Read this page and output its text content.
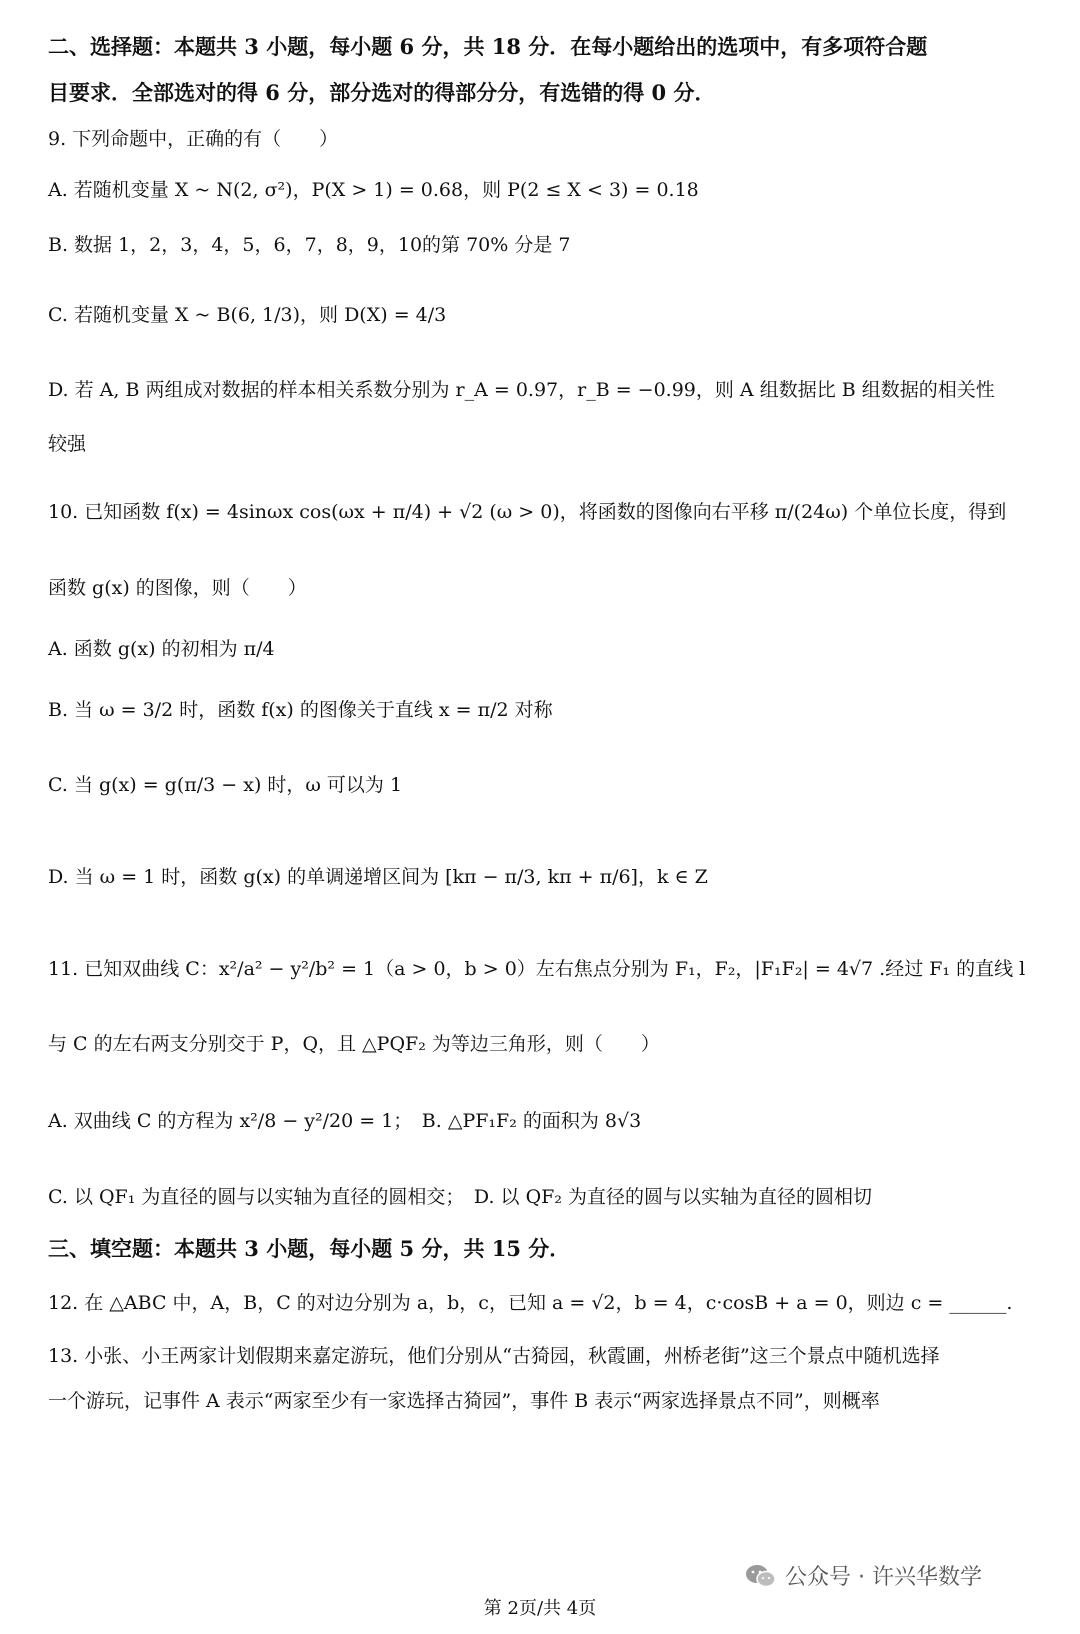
二、选择题：本题共 3 小题，每小题 6 分，共 18 分．在每小题给出的选项中，有多项符合题
目要求．全部选对的得 6 分，部分选对的得部分分，有选错的得 0 分．
9. 下列命题中，正确的有（　　）
A. 若随机变量 X ~ N(2, σ²)，P(X > 1) = 0.68，则 P(2 ≤ X < 3) = 0.18
B. 数据 1，2，3，4，5，6，7，8，9，10的第 70% 分是 7
C. 若随机变量 X ~ B(6, 1/3)，则 D(X) = 4/3
D. 若 A, B 两组成对数据的样本相关系数分别为 r_A = 0.97，r_B = −0.99，则 A 组数据比 B 组数据的相关性
较强
10. 已知函数 f(x) = 4sinωx cos(ωx + π/4) + √2 (ω > 0)，将函数的图像向右平移 π/(24ω) 个单位长度，得到
函数 g(x) 的图像，则（　　）
A. 函数 g(x) 的初相为 π/4
B. 当 ω = 3/2 时，函数 f(x) 的图像关于直线 x = π/2 对称
C. 当 g(x) = g(π/3 − x) 时，ω 可以为 1
D. 当 ω = 1 时，函数 g(x) 的单调递增区间为 [kπ − π/3, kπ + π/6]，k ∈ Z
11. 已知双曲线 C：x²/a² − y²/b² = 1（a > 0，b > 0）左右焦点分别为 F₁，F₂，|F₁F₂| = 4√7 .经过 F₁ 的直线 l
与 C 的左右两支分别交于 P，Q，且 △PQF₂ 为等边三角形，则（　　）
A. 双曲线 C 的方程为 x²/8 − y²/20 = 1；　B. △PF₁F₂ 的面积为 8√3
C. 以 QF₁ 为直径的圆与以实轴为直径的圆相交；　D. 以 QF₂ 为直径的圆与以实轴为直径的圆相切
三、填空题：本题共 3 小题，每小题 5 分，共 15 分．
12. 在 △ABC 中，A，B，C 的对边分别为 a，b，c，已知 a = √2，b = 4，c·cosB + a = 0，则边 c = ______.
13. 小张、小王两家计划假期来嘉定游玩，他们分别从“古猗园，秋霞圃，州桥老街”这三个景点中随机选择
一个游玩，记事件 A 表示“两家至少有一家选择古猗园”，事件 B 表示“两家选择景点不同”，则概率
公众号 · 许兴华数学
第 2页/共 4页
